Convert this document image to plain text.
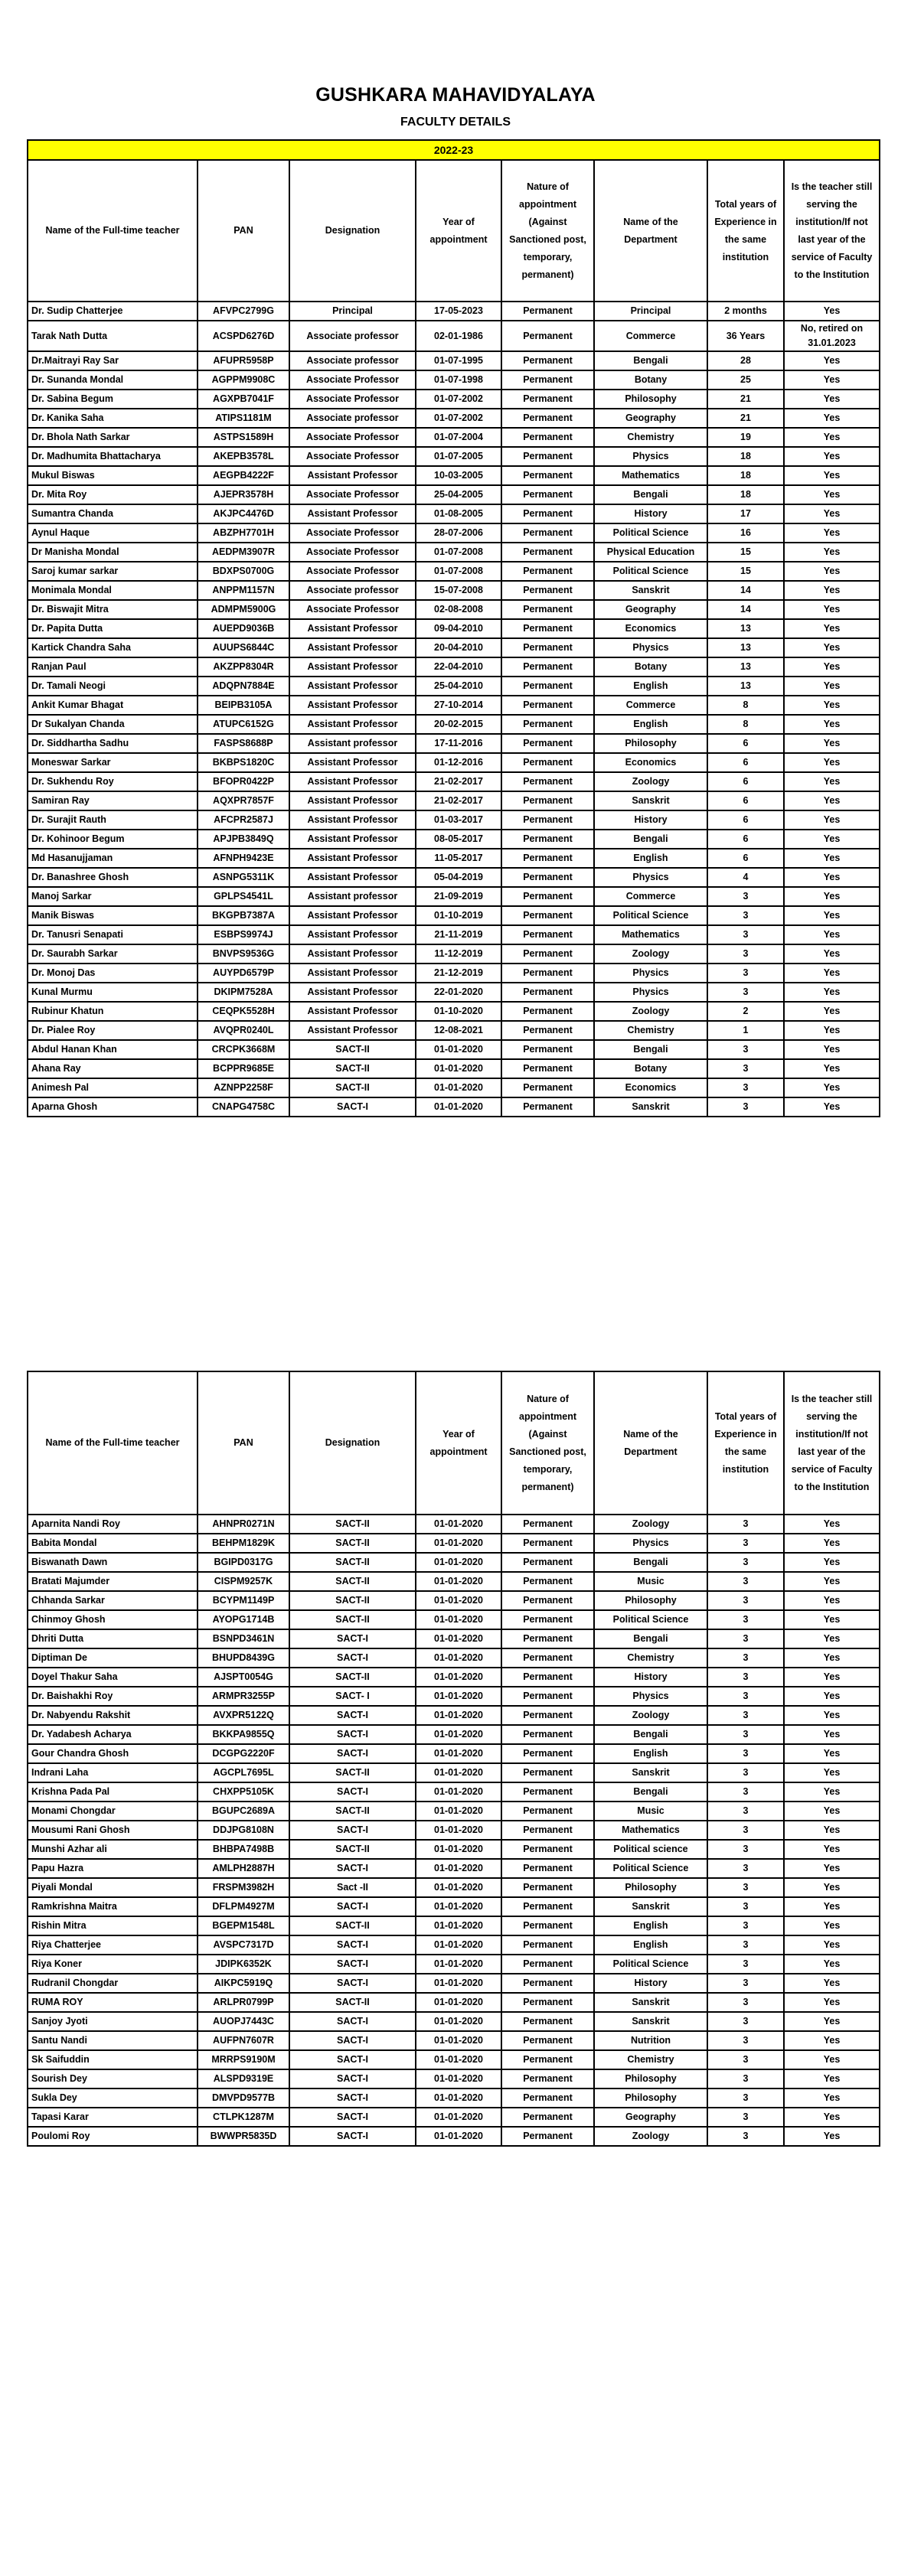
GUSHKARA MAHAVIDYALAYA
FACULTY DETAILS
2022-23							
Name of the Full-time teacher	PAN	Designation	Year of appointment	Nature of appointment (Against Sanctioned post, temporary, permanent)	Name of the Department	Total years of Experience in the same institution	Is the teacher still serving the institution/If not last year of the service of Faculty to the Institution
Dr. Sudip Chatterjee	AFVPC2799G	Principal	17-05-2023	Permanent	Principal	2 months	Yes
Tarak Nath Dutta	ACSPD6276D	Associate professor	02-01-1986	Permanent	Commerce	36 Years	No, retired on 31.01.2023
Dr.Maitrayi Ray Sar	AFUPR5958P	Associate professor	01-07-1995	Permanent	Bengali	28	Yes
Dr. Sunanda Mondal	AGPPM9908C	Associate Professor	01-07-1998	Permanent	Botany	25	Yes
Dr. Sabina Begum	AGXPB7041F	Associate Professor	01-07-2002	Permanent	Philosophy	21	Yes
Dr. Kanika Saha	ATIPS1181M	Associate professor	01-07-2002	Permanent	Geography	21	Yes
Dr. Bhola Nath Sarkar	ASTPS1589H	Associate Professor	01-07-2004	Permanent	Chemistry	19	Yes
Dr. Madhumita Bhattacharya	AKEPB3578L	Associate Professor	01-07-2005	Permanent	Physics	18	Yes
Mukul Biswas	AEGPB4222F	Assistant Professor	10-03-2005	Permanent	Mathematics	18	Yes
Dr. Mita Roy	AJEPR3578H	Associate Professor	25-04-2005	Permanent	Bengali	18	Yes
Sumantra Chanda	AKJPC4476D	Assistant Professor	01-08-2005	Permanent	History	17	Yes
Aynul Haque	ABZPH7701H	Associate Professor	28-07-2006	Permanent	Political Science	16	Yes
Dr Manisha Mondal	AEDPM3907R	Associate Professor	01-07-2008	Permanent	Physical Education	15	Yes
Saroj kumar sarkar	BDXPS0700G	Associate Professor	01-07-2008	Permanent	Political Science	15	Yes
Monimala Mondal	ANPPM1157N	Associate professor	15-07-2008	Permanent	Sanskrit	14	Yes
Dr. Biswajit Mitra	ADMPM5900G	Associate Professor	02-08-2008	Permanent	Geography	14	Yes
Dr. Papita Dutta	AUEPD9036B	Assistant Professor	09-04-2010	Permanent	Economics	13	Yes
Kartick Chandra Saha	AUUPS6844C	Assistant Professor	20-04-2010	Permanent	Physics	13	Yes
Ranjan Paul	AKZPP8304R	Assistant Professor	22-04-2010	Permanent	Botany	13	Yes
Dr. Tamali Neogi	ADQPN7884E	Assistant Professor	25-04-2010	Permanent	English	13	Yes
Ankit Kumar Bhagat	BEIPB3105A	Assistant Professor	27-10-2014	Permanent	Commerce	8	Yes
Dr Sukalyan Chanda	ATUPC6152G	Assistant Professor	20-02-2015	Permanent	English	8	Yes
Dr. Siddhartha Sadhu	FASPS8688P	Assistant professor	17-11-2016	Permanent	Philosophy	6	Yes
Moneswar Sarkar	BKBPS1820C	Assistant Professor	01-12-2016	Permanent	Economics	6	Yes
Dr. Sukhendu Roy	BFOPR0422P	Assistant Professor	21-02-2017	Permanent	Zoology	6	Yes
Samiran Ray	AQXPR7857F	Assistant Professor	21-02-2017	Permanent	Sanskrit	6	Yes
Dr. Surajit Rauth	AFCPR2587J	Assistant Professor	01-03-2017	Permanent	History	6	Yes
Dr. Kohinoor Begum	APJPB3849Q	Assistant Professor	08-05-2017	Permanent	Bengali	6	Yes
Md Hasanujjaman	AFNPH9423E	Assistant Professor	11-05-2017	Permanent	English	6	Yes
Dr. Banashree Ghosh	ASNPG5311K	Assistant Professor	05-04-2019	Permanent	Physics	4	Yes
Manoj Sarkar	GPLPS4541L	Assistant professor	21-09-2019	Permanent	Commerce	3	Yes
Manik Biswas	BKGPB7387A	Assistant Professor	01-10-2019	Permanent	Political Science	3	Yes
Dr. Tanusri Senapati	ESBPS9974J	Assistant Professor	21-11-2019	Permanent	Mathematics	3	Yes
Dr. Saurabh Sarkar	BNVPS9536G	Assistant Professor	11-12-2019	Permanent	Zoology	3	Yes
Dr. Monoj Das	AUYPD6579P	Assistant Professor	21-12-2019	Permanent	Physics	3	Yes
Kunal Murmu	DKIPM7528A	Assistant Professor	22-01-2020	Permanent	Physics	3	Yes
Rubinur Khatun	CEQPK5528H	Assistant Professor	01-10-2020	Permanent	Zoology	2	Yes
Dr. Pialee Roy	AVQPR0240L	Assistant Professor	12-08-2021	Permanent	Chemistry	1	Yes
Abdul Hanan Khan	CRCPK3668M	SACT-II	01-01-2020	Permanent	Bengali	3	Yes
Ahana Ray	BCPPR9685E	SACT-II	01-01-2020	Permanent	Botany	3	Yes
Animesh Pal	AZNPP2258F	SACT-II	01-01-2020	Permanent	Economics	3	Yes
Aparna Ghosh	CNAPG4758C	SACT-I	01-01-2020	Permanent	Sanskrit	3	Yes
Name of the Full-time teacher	PAN	Designation	Year of appointment	Nature of appointment (Against Sanctioned post, temporary, permanent)	Name of the Department	Total years of Experience in the same institution	Is the teacher still serving the institution/If not last year of the service of Faculty to the Institution
Aparnita Nandi Roy	AHNPR0271N	SACT-II	01-01-2020	Permanent	Zoology	3	Yes
Babita Mondal	BEHPM1829K	SACT-II	01-01-2020	Permanent	Physics	3	Yes
Biswanath Dawn	BGIPD0317G	SACT-II	01-01-2020	Permanent	Bengali	3	Yes
Bratati Majumder	CISPM9257K	SACT-II	01-01-2020	Permanent	Music	3	Yes
Chhanda Sarkar	BCYPM1149P	SACT-II	01-01-2020	Permanent	Philosophy	3	Yes
Chinmoy Ghosh	AYOPG1714B	SACT-II	01-01-2020	Permanent	Political Science	3	Yes
Dhriti Dutta	BSNPD3461N	SACT-I	01-01-2020	Permanent	Bengali	3	Yes
Diptiman De	BHUPD8439G	SACT-I	01-01-2020	Permanent	Chemistry	3	Yes
Doyel Thakur Saha	AJSPT0054G	SACT-II	01-01-2020	Permanent	History	3	Yes
Dr. Baishakhi Roy	ARMPR3255P	SACT- I	01-01-2020	Permanent	Physics	3	Yes
Dr. Nabyendu Rakshit	AVXPR5122Q	SACT-I	01-01-2020	Permanent	Zoology	3	Yes
Dr. Yadabesh Acharya	BKKPA9855Q	SACT-I	01-01-2020	Permanent	Bengali	3	Yes
Gour Chandra Ghosh	DCGPG2220F	SACT-I	01-01-2020	Permanent	English	3	Yes
Indrani Laha	AGCPL7695L	SACT-II	01-01-2020	Permanent	Sanskrit	3	Yes
Krishna Pada Pal	CHXPP5105K	SACT-I	01-01-2020	Permanent	Bengali	3	Yes
Monami Chongdar	BGUPC2689A	SACT-II	01-01-2020	Permanent	Music	3	Yes
Mousumi Rani Ghosh	DDJPG8108N	SACT-I	01-01-2020	Permanent	Mathematics	3	Yes
Munshi Azhar ali	BHBPA7498B	SACT-II	01-01-2020	Permanent	Political science	3	Yes
Papu Hazra	AMLPH2887H	SACT-I	01-01-2020	Permanent	Political Science	3	Yes
Piyali Mondal	FRSPM3982H	Sact -II	01-01-2020	Permanent	Philosophy	3	Yes
Ramkrishna Maitra	DFLPM4927M	SACT-I	01-01-2020	Permanent	Sanskrit	3	Yes
Rishin Mitra	BGEPM1548L	SACT-II	01-01-2020	Permanent	English	3	Yes
Riya Chatterjee	AVSPC7317D	SACT-I	01-01-2020	Permanent	English	3	Yes
Riya Koner	JDIPK6352K	SACT-I	01-01-2020	Permanent	Political Science	3	Yes
Rudranil Chongdar	AIKPC5919Q	SACT-I	01-01-2020	Permanent	History	3	Yes
RUMA ROY	ARLPR0799P	SACT-II	01-01-2020	Permanent	Sanskrit	3	Yes
Sanjoy Jyoti	AUOPJ7443C	SACT-I	01-01-2020	Permanent	Sanskrit	3	Yes
Santu Nandi	AUFPN7607R	SACT-I	01-01-2020	Permanent	Nutrition	3	Yes
Sk Saifuddin	MRRPS9190M	SACT-I	01-01-2020	Permanent	Chemistry	3	Yes
Sourish Dey	ALSPD9319E	SACT-I	01-01-2020	Permanent	Philosophy	3	Yes
Sukla Dey	DMVPD9577B	SACT-I	01-01-2020	Permanent	Philosophy	3	Yes
Tapasi Karar	CTLPK1287M	SACT-I	01-01-2020	Permanent	Geography	3	Yes
Poulomi Roy	BWWPR5835D	SACT-I	01-01-2020	Permanent	Zoology	3	Yes
